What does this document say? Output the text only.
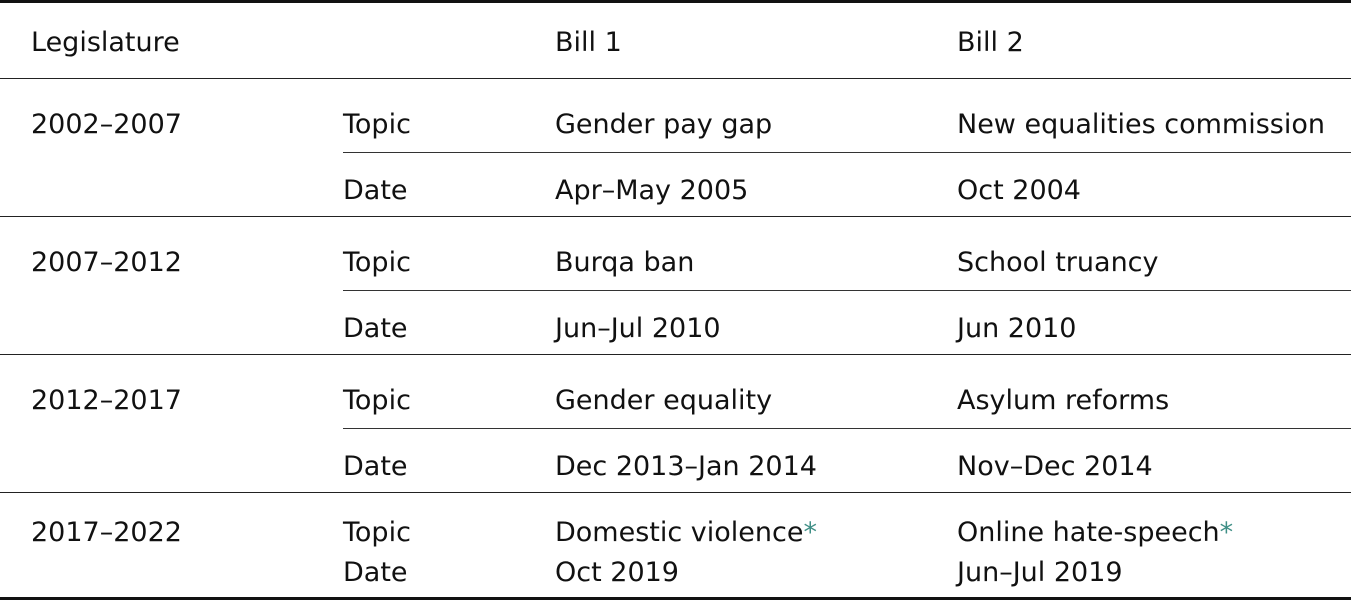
Legislature		Bill 1	Bill 2
2002–2007	Topic	Gender pay gap	New equalities commission
	Date	Apr–May 2005	Oct 2004
2007–2012	Topic	Burqa ban	School truancy
	Date	Jun–Jul 2010	Jun 2010
2012–2017	Topic	Gender equality	Asylum reforms
	Date	Dec 2013–Jan 2014	Nov–Dec 2014
2017–2022	Topic	Domestic violence*	Online hate-speech*
	Date	Oct 2019	Jun–Jul 2019
